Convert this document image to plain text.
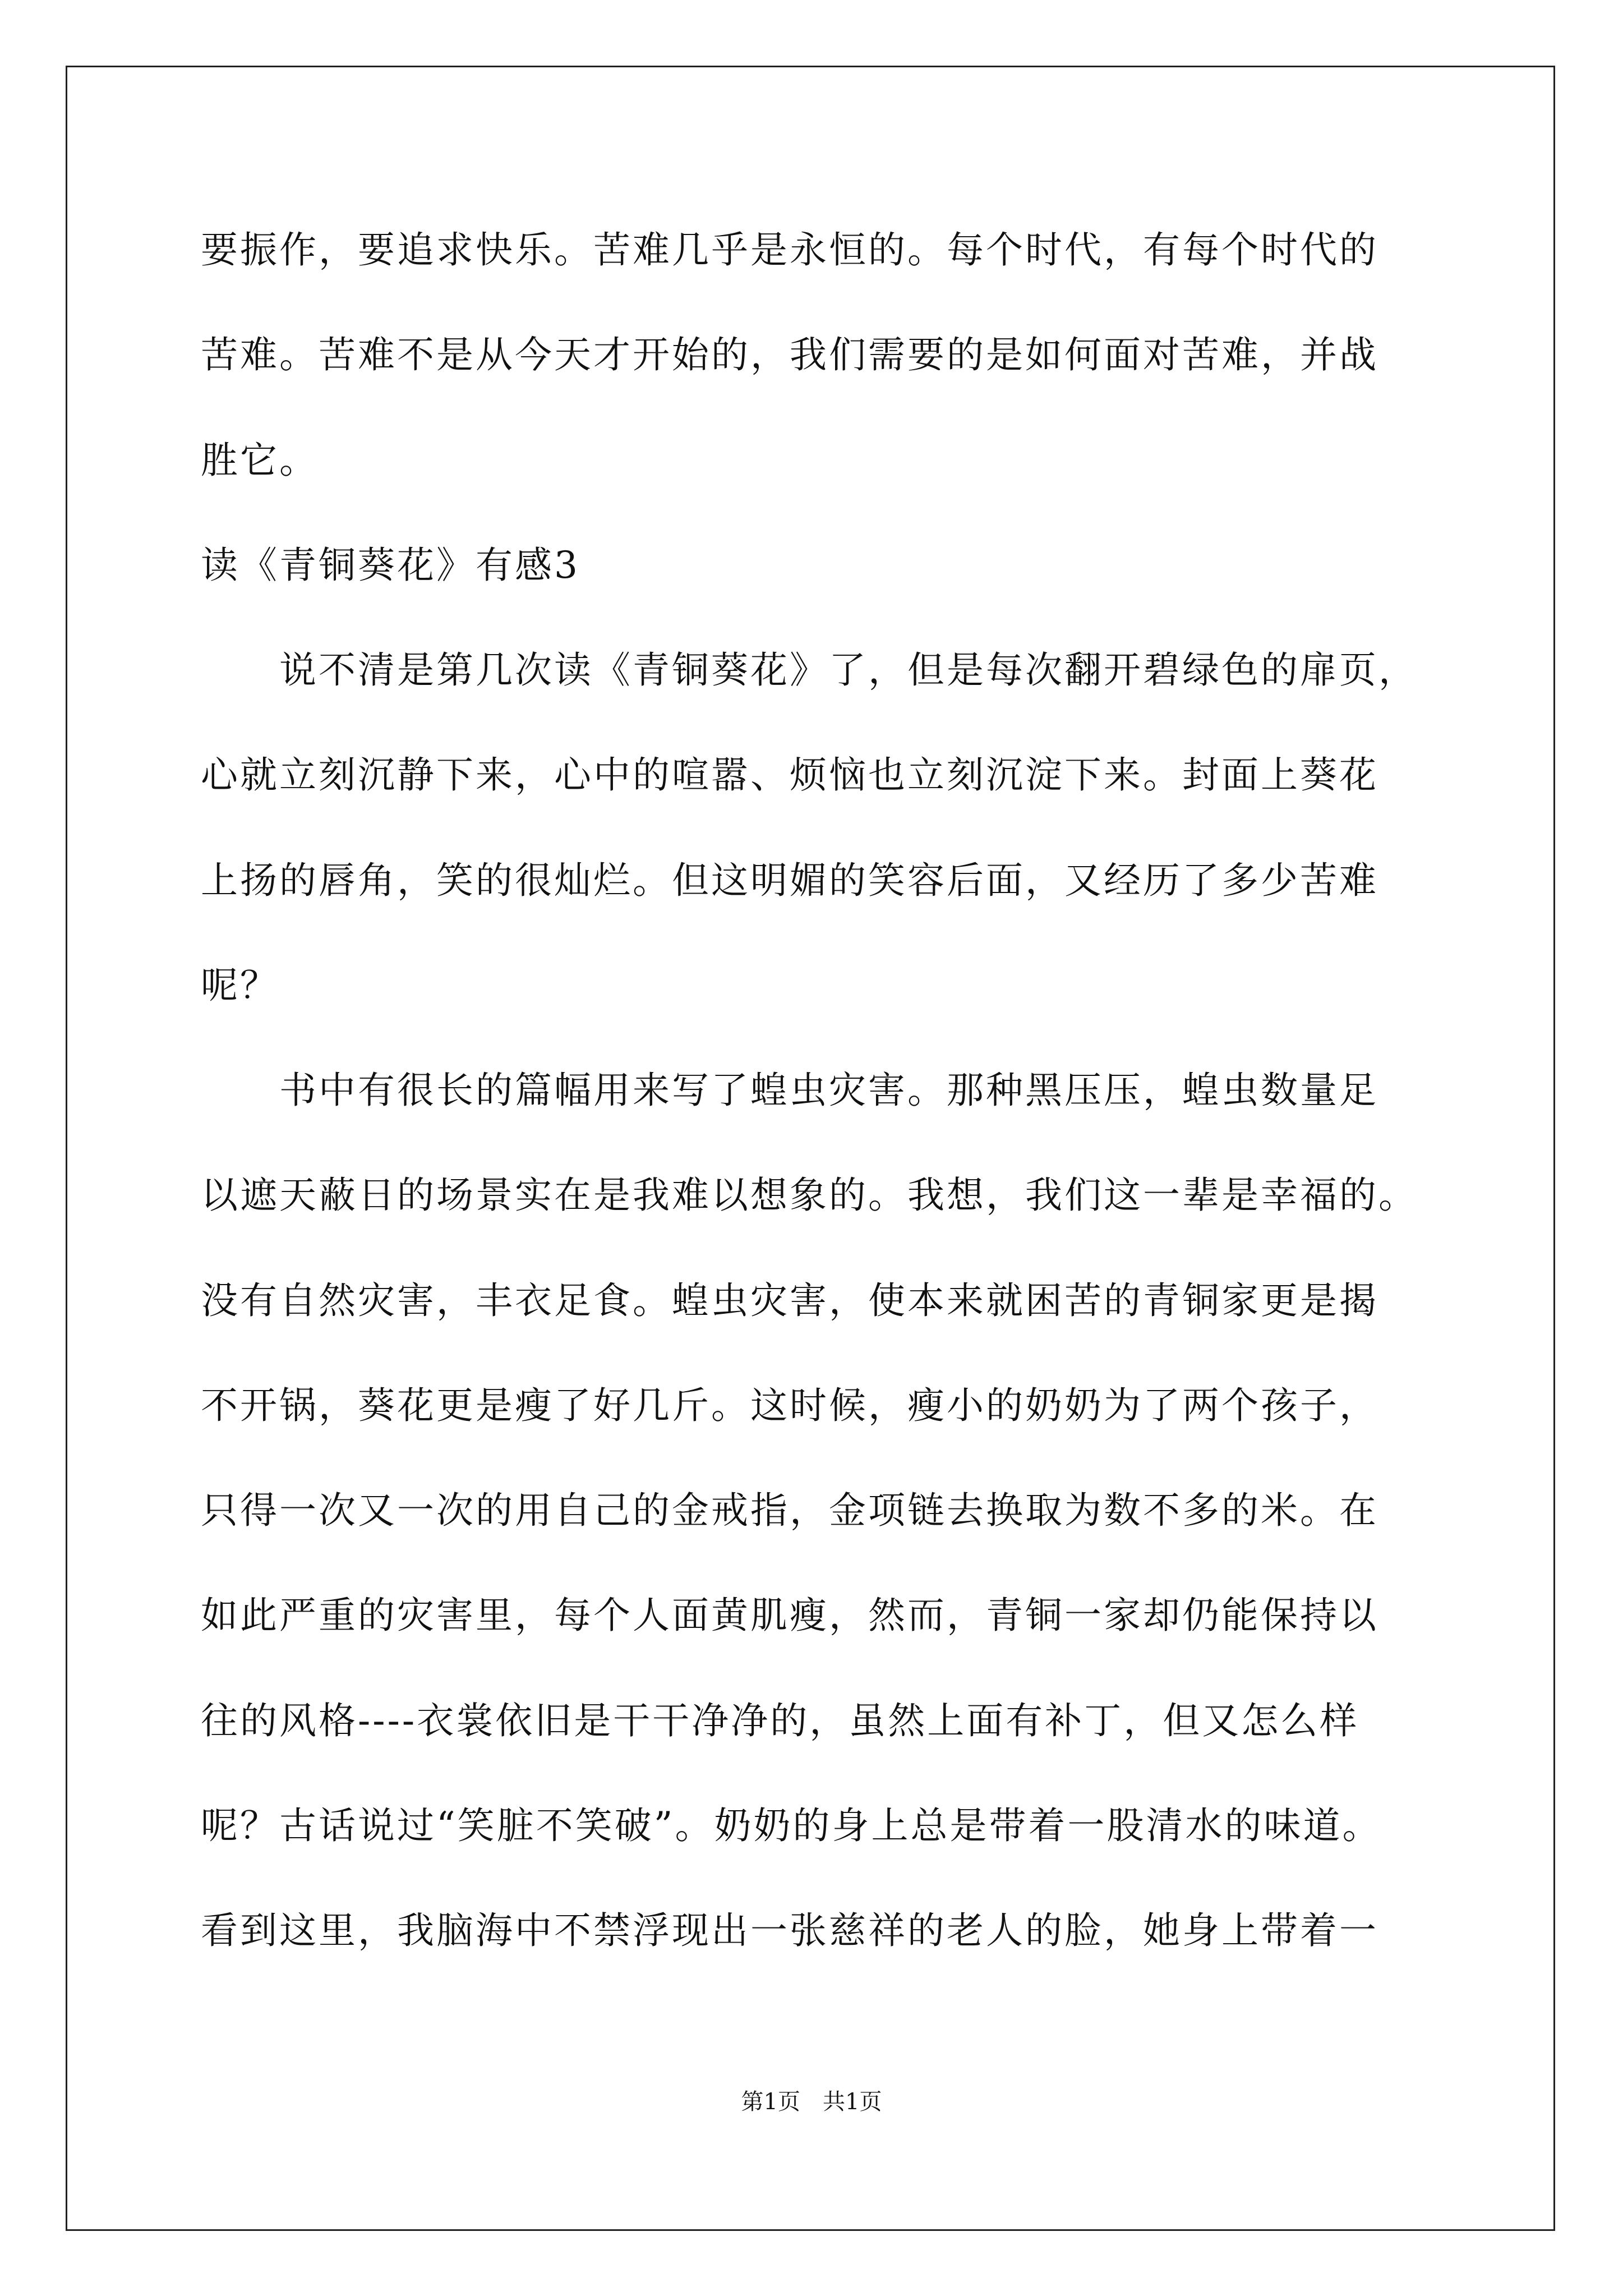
要振作，要追求快乐。苦难几乎是永恒的。每个时代，有每个时代的
苦难。苦难不是从今天才开始的，我们需要的是如何面对苦难，并战
胜它。
读《青铜葵花》有感3
　　说不清是第几次读《青铜葵花》了，但是每次翻开碧绿色的扉页，
心就立刻沉静下来，心中的喧嚣、烦恼也立刻沉淀下来。封面上葵花
上扬的唇角，笑的很灿烂。但这明媚的笑容后面，又经历了多少苦难
呢？
　　书中有很长的篇幅用来写了蝗虫灾害。那种黑压压，蝗虫数量足
以遮天蔽日的场景实在是我难以想象的。我想，我们这一辈是幸福的。
没有自然灾害，丰衣足食。蝗虫灾害，使本来就困苦的青铜家更是揭
不开锅，葵花更是瘦了好几斤。这时候，瘦小的奶奶为了两个孩子，
只得一次又一次的用自己的金戒指，金项链去换取为数不多的米。在
如此严重的灾害里，每个人面黄肌瘦，然而，青铜一家却仍能保持以
往的风格----衣裳依旧是干干净净的，虽然上面有补丁，但又怎么样
呢？古话说过“笑脏不笑破”。奶奶的身上总是带着一股清水的味道。
看到这里，我脑海中不禁浮现出一张慈祥的老人的脸，她身上带着一
第1页　共1页
